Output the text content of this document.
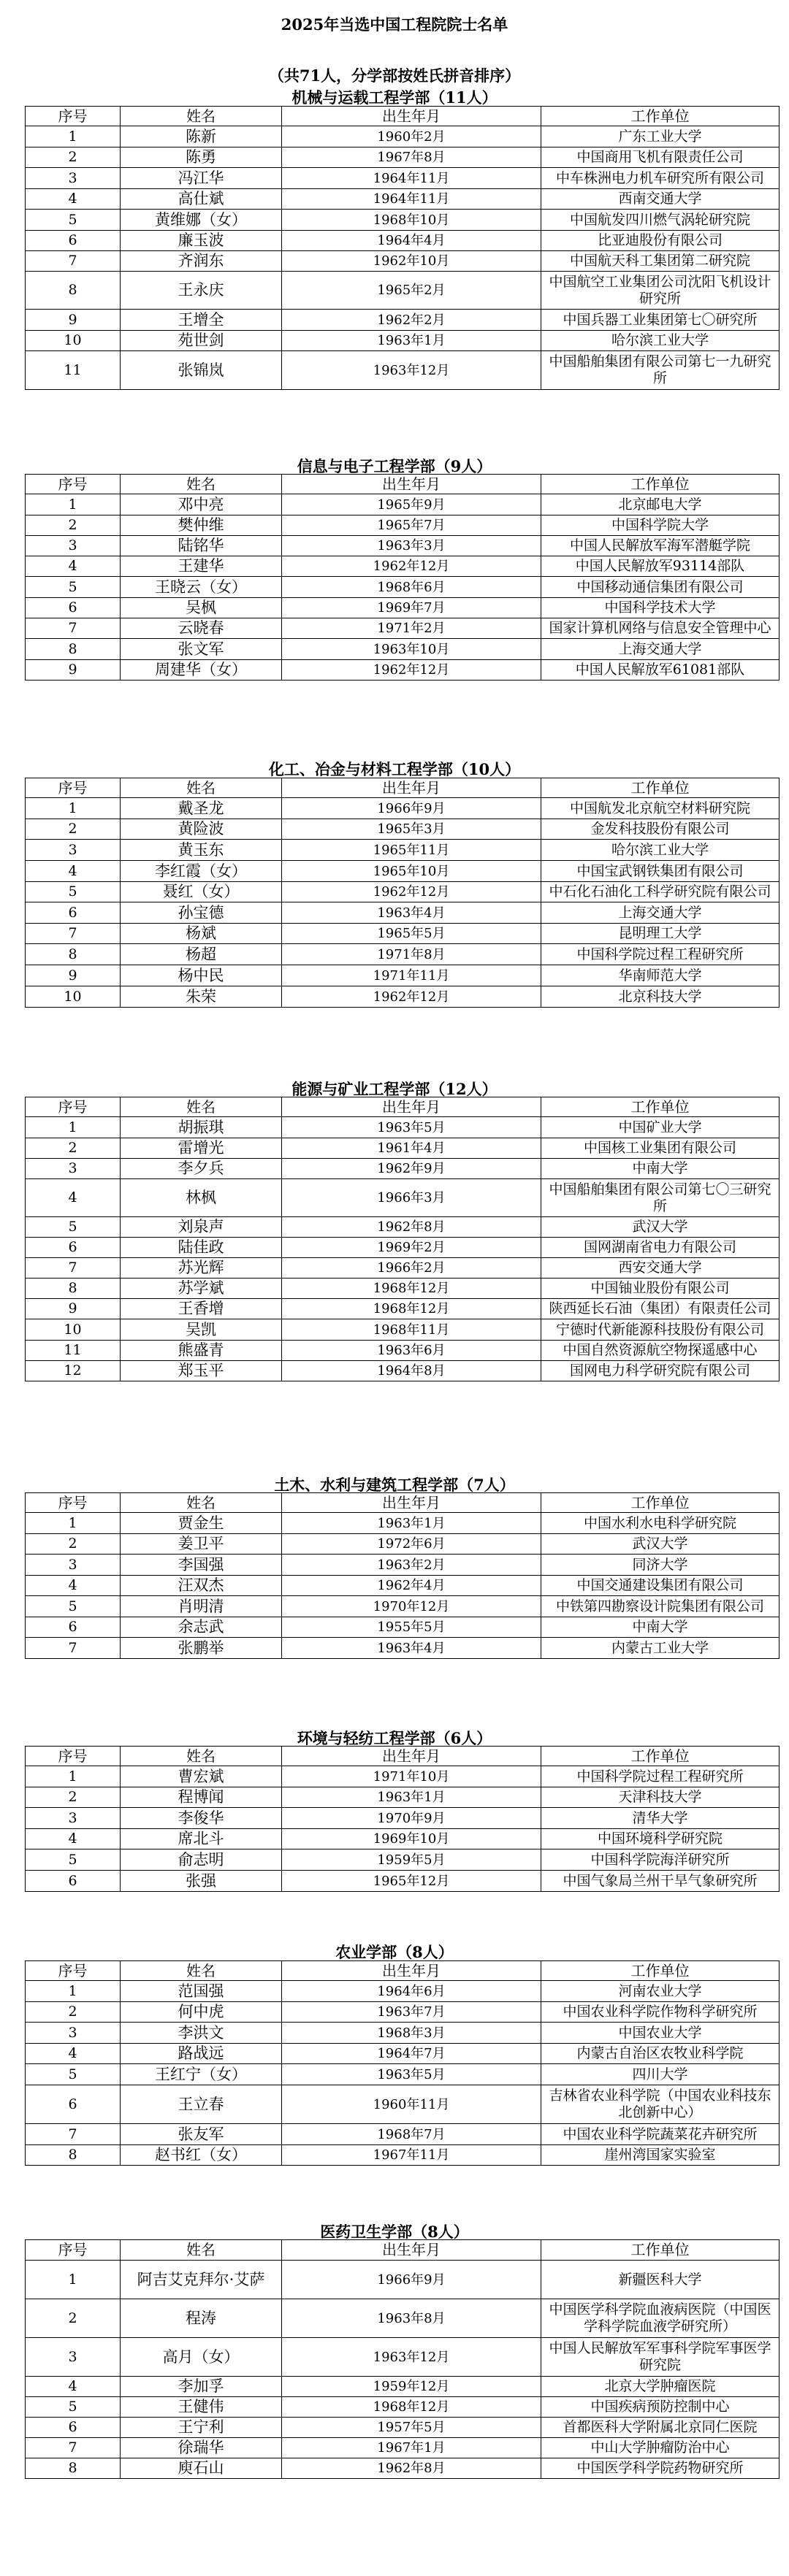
2025年当选中国工程院院士名单
（共71人，分学部按姓氏拼音排序）
机械与运载工程学部（11人）
序号	姓名	出生年月	工作单位
1	陈新	1960年2月	广东工业大学
2	陈勇	1967年8月	中国商用飞机有限责任公司
3	冯江华	1964年11月	中车株洲电力机车研究所有限公司
4	高仕斌	1964年11月	西南交通大学
5	黄维娜（女）	1968年10月	中国航发四川燃气涡轮研究院
6	廉玉波	1964年4月	比亚迪股份有限公司
7	齐润东	1962年10月	中国航天科工集团第二研究院
8	王永庆	1965年2月	中国航空工业集团公司沈阳飞机设计研究所
9	王增全	1962年2月	中国兵器工业集团第七〇研究所
10	苑世剑	1963年1月	哈尔滨工业大学
11	张锦岚	1963年12月	中国船舶集团有限公司第七一九研究所
信息与电子工程学部（9人）
序号	姓名	出生年月	工作单位
1	邓中亮	1965年9月	北京邮电大学
2	樊仲维	1965年7月	中国科学院大学
3	陆铭华	1963年3月	中国人民解放军海军潜艇学院
4	王建华	1962年12月	中国人民解放军93114部队
5	王晓云（女）	1968年6月	中国移动通信集团有限公司
6	吴枫	1969年7月	中国科学技术大学
7	云晓春	1971年2月	国家计算机网络与信息安全管理中心
8	张文军	1963年10月	上海交通大学
9	周建华（女）	1962年12月	中国人民解放军61081部队
化工、冶金与材料工程学部（10人）
序号	姓名	出生年月	工作单位
1	戴圣龙	1966年9月	中国航发北京航空材料研究院
2	黄险波	1965年3月	金发科技股份有限公司
3	黄玉东	1965年11月	哈尔滨工业大学
4	李红霞（女）	1965年10月	中国宝武钢铁集团有限公司
5	聂红（女）	1962年12月	中石化石油化工科学研究院有限公司
6	孙宝德	1963年4月	上海交通大学
7	杨斌	1965年5月	昆明理工大学
8	杨超	1971年8月	中国科学院过程工程研究所
9	杨中民	1971年11月	华南师范大学
10	朱荣	1962年12月	北京科技大学
能源与矿业工程学部（12人）
序号	姓名	出生年月	工作单位
1	胡振琪	1963年5月	中国矿业大学
2	雷增光	1961年4月	中国核工业集团有限公司
3	李夕兵	1962年9月	中南大学
4	林枫	1966年3月	中国船舶集团有限公司第七〇三研究所
5	刘泉声	1962年8月	武汉大学
6	陆佳政	1969年2月	国网湖南省电力有限公司
7	苏光辉	1966年2月	西安交通大学
8	苏学斌	1968年12月	中国铀业股份有限公司
9	王香增	1968年12月	陕西延长石油（集团）有限责任公司
10	吴凯	1968年11月	宁德时代新能源科技股份有限公司
11	熊盛青	1963年6月	中国自然资源航空物探遥感中心
12	郑玉平	1964年8月	国网电力科学研究院有限公司
土木、水利与建筑工程学部（7人）
序号	姓名	出生年月	工作单位
1	贾金生	1963年1月	中国水利水电科学研究院
2	姜卫平	1972年6月	武汉大学
3	李国强	1963年2月	同济大学
4	汪双杰	1962年4月	中国交通建设集团有限公司
5	肖明清	1970年12月	中铁第四勘察设计院集团有限公司
6	余志武	1955年5月	中南大学
7	张鹏举	1963年4月	内蒙古工业大学
环境与轻纺工程学部（6人）
序号	姓名	出生年月	工作单位
1	曹宏斌	1971年10月	中国科学院过程工程研究所
2	程博闻	1963年1月	天津科技大学
3	李俊华	1970年9月	清华大学
4	席北斗	1969年10月	中国环境科学研究院
5	俞志明	1959年5月	中国科学院海洋研究所
6	张强	1965年12月	中国气象局兰州干旱气象研究所
农业学部（8人）
序号	姓名	出生年月	工作单位
1	范国强	1964年6月	河南农业大学
2	何中虎	1963年7月	中国农业科学院作物科学研究所
3	李洪文	1968年3月	中国农业大学
4	路战远	1964年7月	内蒙古自治区农牧业科学院
5	王红宁（女）	1963年5月	四川大学
6	王立春	1960年11月	吉林省农业科学院（中国农业科技东北创新中心）
7	张友军	1968年7月	中国农业科学院蔬菜花卉研究所
8	赵书红（女）	1967年11月	崖州湾国家实验室
医药卫生学部（8人）
序号	姓名	出生年月	工作单位
1	阿吉艾克拜尔·艾萨	1966年9月	新疆医科大学
2	程涛	1963年8月	中国医学科学院血液病医院（中国医学科学院血液学研究所）
3	高月（女）	1963年12月	中国人民解放军军事科学院军事医学研究院
4	李加孚	1959年12月	北京大学肿瘤医院
5	王健伟	1968年12月	中国疾病预防控制中心
6	王宁利	1957年5月	首都医科大学附属北京同仁医院
7	徐瑞华	1967年1月	中山大学肿瘤防治中心
8	庾石山	1962年8月	中国医学科学院药物研究所
